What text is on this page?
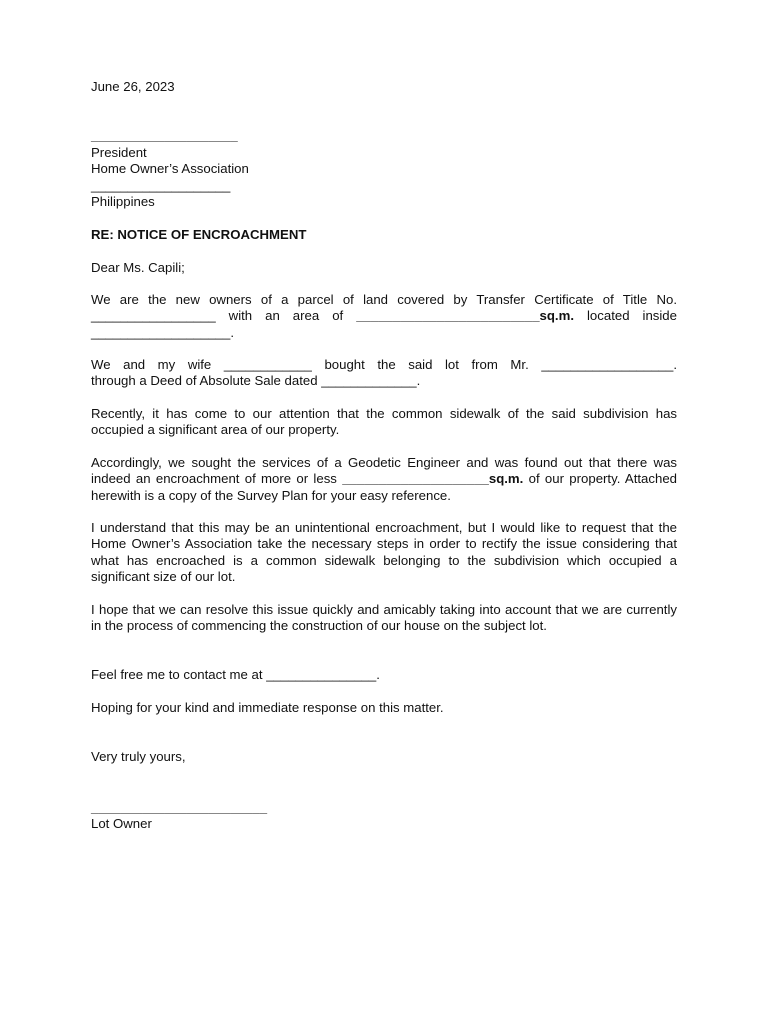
June 26, 2023
____________________
President
Home Owner’s Association
___________________
Philippines
RE: NOTICE OF ENCROACHMENT
Dear Ms. Capili;
We are the new owners of a parcel of land covered by Transfer Certificate of Title No.
_________________ with an area of _________________________sq.m. located inside
___________________.
We and my wife ____________ bought the said lot from Mr. __________________.
through a Deed of Absolute Sale dated _____________.
Recently, it has come to our attention that the common sidewalk of the said subdivision has occupied a significant area of our property.
Accordingly, we sought the services of a Geodetic Engineer and was found out that there was indeed an encroachment of more or less ____________________sq.m. of our property. Attached herewith is a copy of the Survey Plan for your easy reference.
I understand that this may be an unintentional encroachment, but I would like to request that the Home Owner’s Association take the necessary steps in order to rectify the issue considering that what has encroached is a common sidewalk belonging to the subdivision which occupied a significant size of our lot.
I hope that we can resolve this issue quickly and amicably taking into account that we are currently in the process of commencing the construction of our house on the subject lot.
Feel free me to contact me at _______________.
Hoping for your kind and immediate response on this matter.
Very truly yours,
________________________
Lot Owner
